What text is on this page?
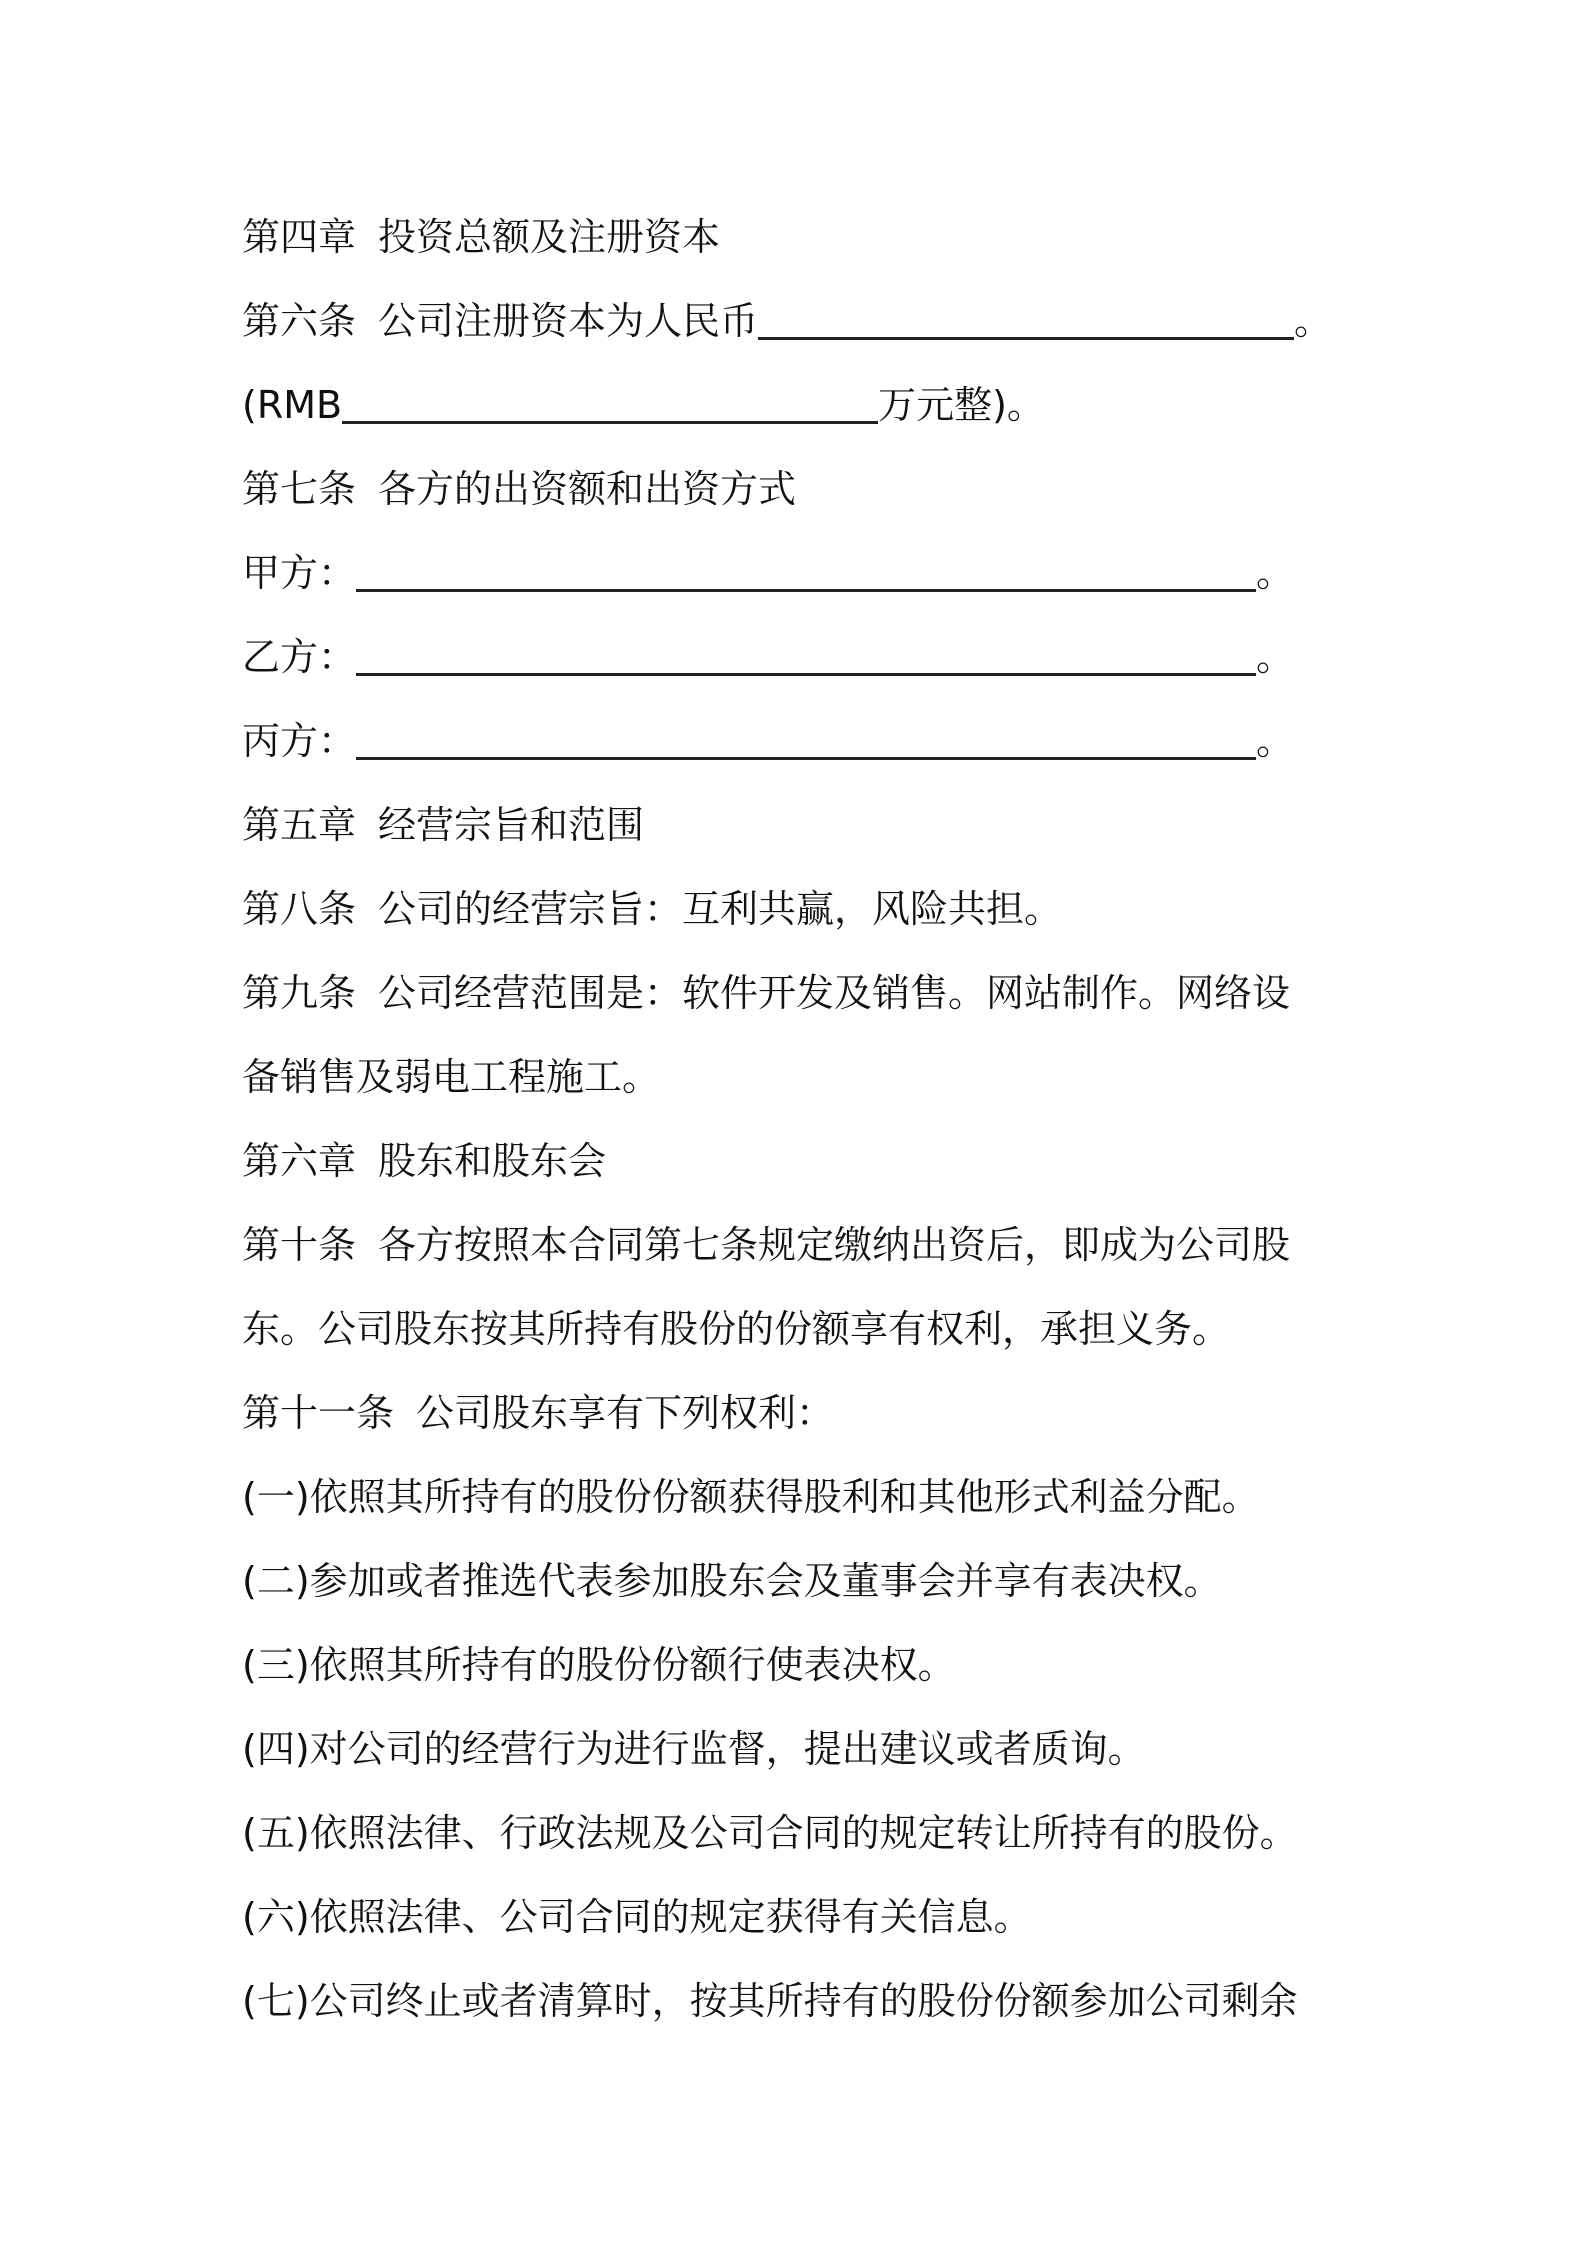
第四章 投资总额及注册资本
第六条 公司注册资本为人民币	。
(RMB	万元整)。
第七条 各方的出资额和出资方式
甲方：	。
乙方：	。
丙方：	。
第五章 经营宗旨和范围
第八条 公司的经营宗旨：互利共赢，风险共担。
第九条 公司经营范围是：软件开发及销售。网站制作。网络设
备销售及弱电工程施工。
第六章 股东和股东会
第十条 各方按照本合同第七条规定缴纳出资后，即成为公司股
东。公司股东按其所持有股份的份额享有权利，承担义务。
第十一条 公司股东享有下列权利：
(一)依照其所持有的股份份额获得股利和其他形式利益分配。
(二)参加或者推选代表参加股东会及董事会并享有表决权。
(三)依照其所持有的股份份额行使表决权。
(四)对公司的经营行为进行监督，提出建议或者质询。
(五)依照法律、行政法规及公司合同的规定转让所持有的股份。
(六)依照法律、公司合同的规定获得有关信息。
(七)公司终止或者清算时，按其所持有的股份份额参加公司剩余
